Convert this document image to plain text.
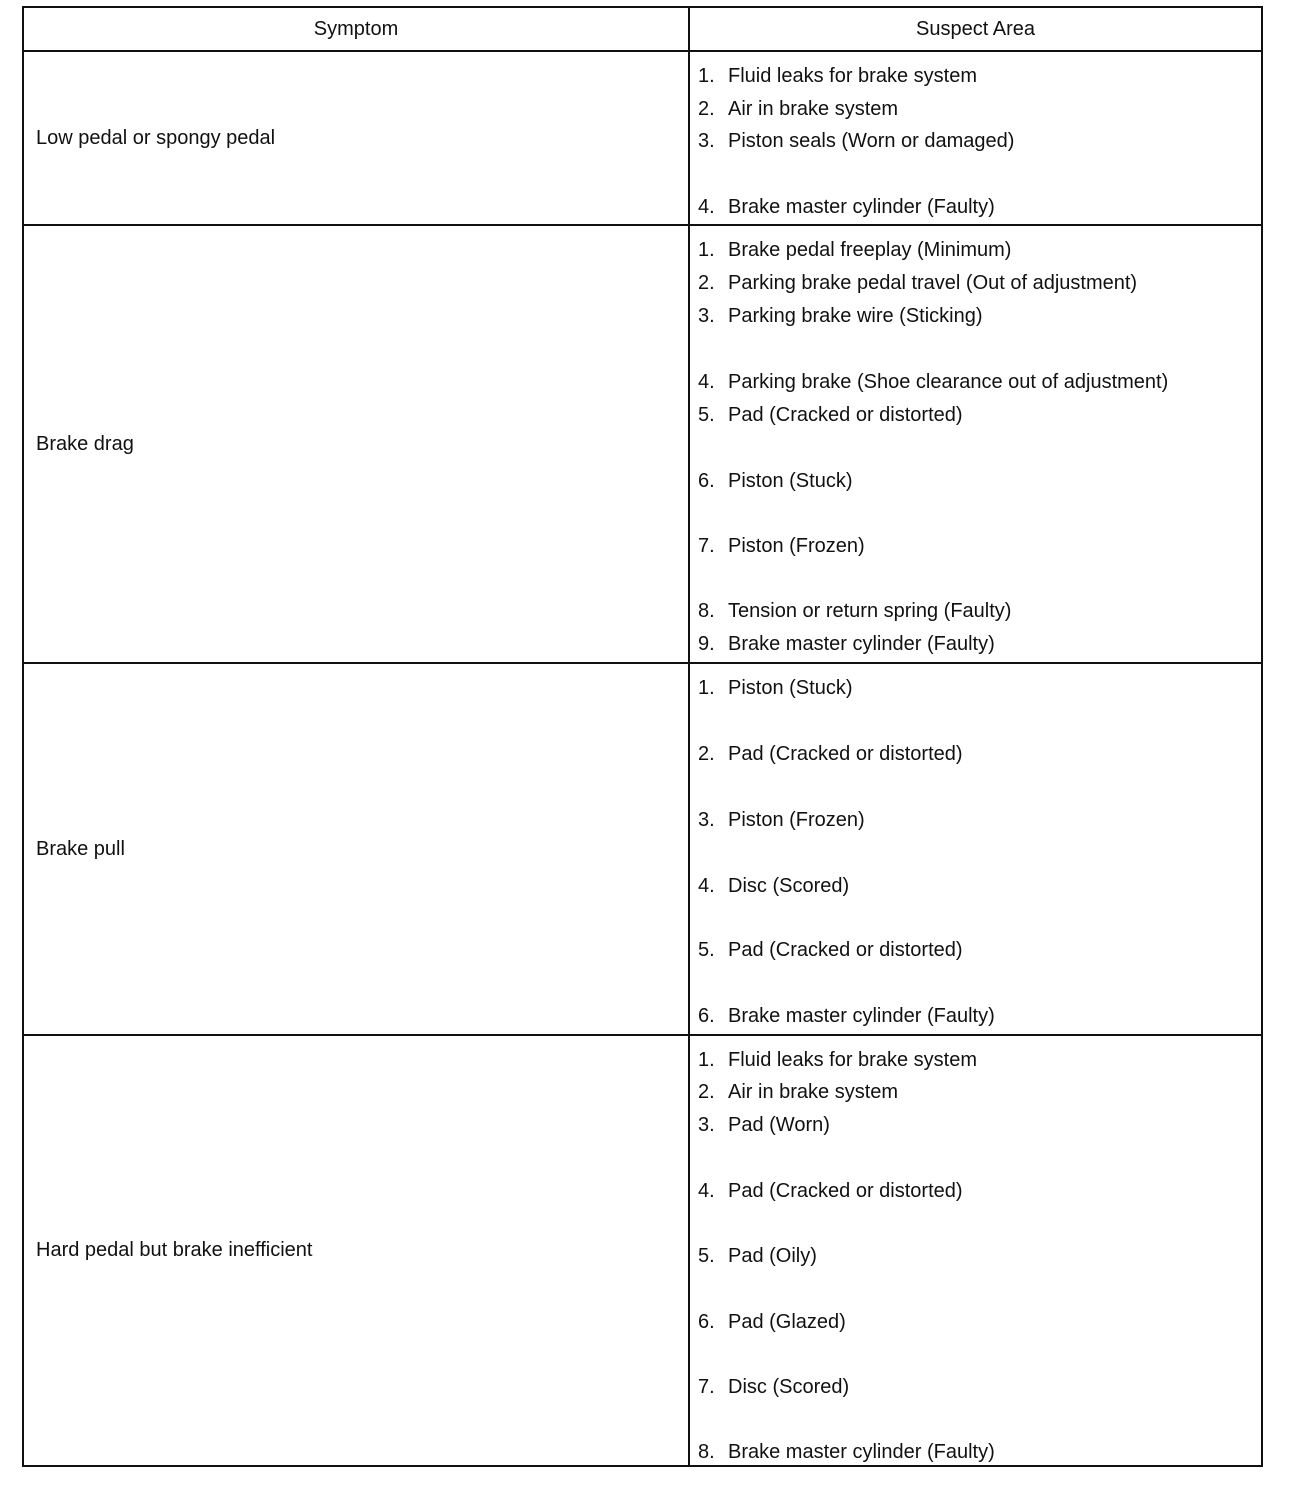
Symptom	Suspect Area
Low pedal or spongy pedal
1. Fluid leaks for brake system
2. Air in brake system
3. Piston seals (Worn or damaged)
4. Brake master cylinder (Faulty)
Brake drag
1. Brake pedal freeplay (Minimum)
2. Parking brake pedal travel (Out of adjustment)
3. Parking brake wire (Sticking)
4. Parking brake (Shoe clearance out of adjustment)
5. Pad (Cracked or distorted)
6. Piston (Stuck)
7. Piston (Frozen)
8. Tension or return spring (Faulty)
9. Brake master cylinder (Faulty)
Brake pull
1. Piston (Stuck)
2. Pad (Cracked or distorted)
3. Piston (Frozen)
4. Disc (Scored)
5. Pad (Cracked or distorted)
6. Brake master cylinder (Faulty)
Hard pedal but brake inefficient
1. Fluid leaks for brake system
2. Air in brake system
3. Pad (Worn)
4. Pad (Cracked or distorted)
5. Pad (Oily)
6. Pad (Glazed)
7. Disc (Scored)
8. Brake master cylinder (Faulty)
